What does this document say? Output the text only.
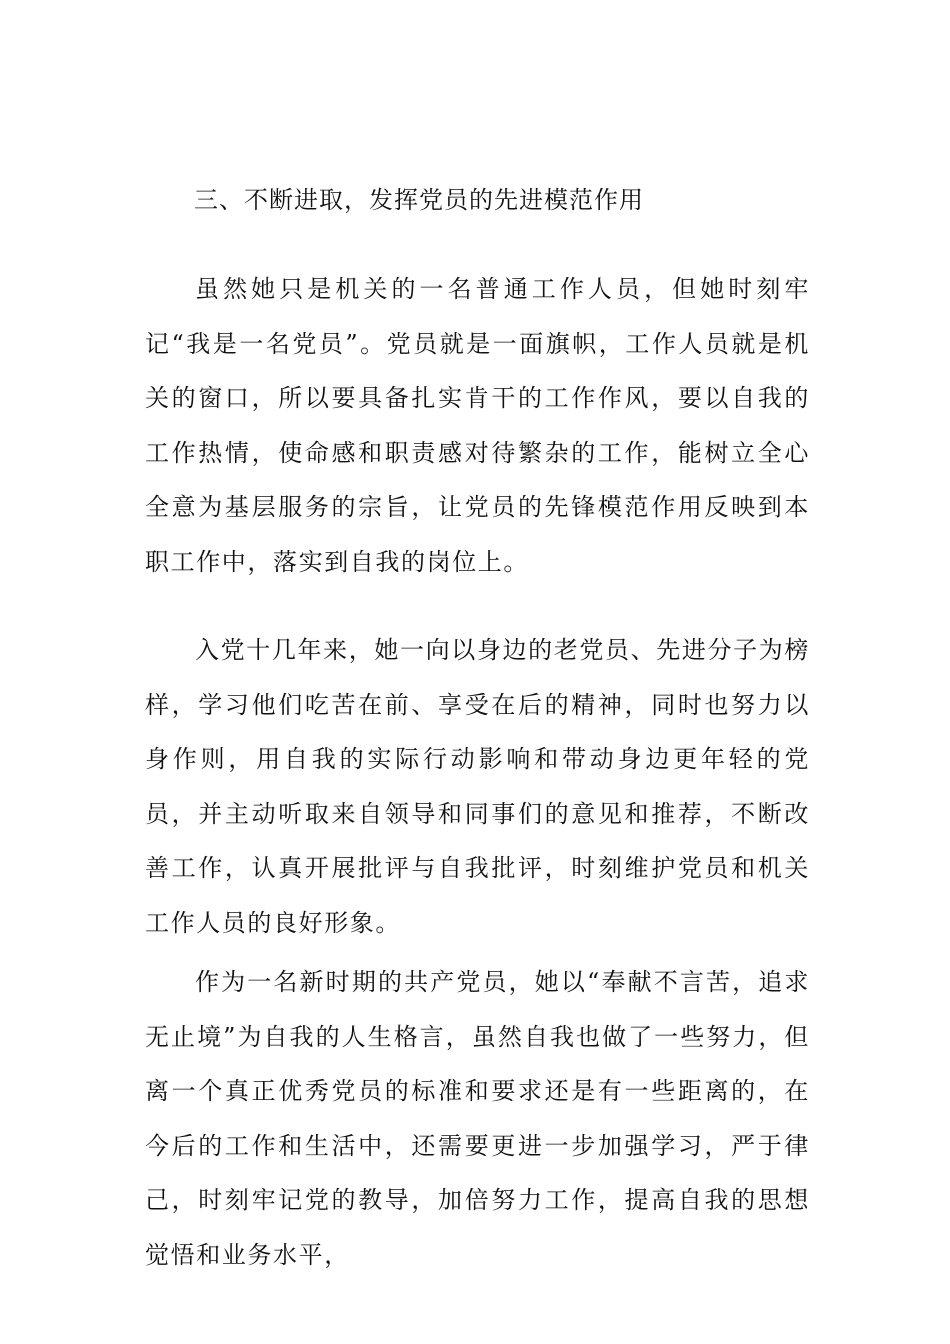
三、不断进取，发挥党员的先进模范作用

虽然她只是机关的一名普通工作人员，但她时刻牢记“我是一名党员”。党员就是一面旗帜，工作人员就是机关的窗口，所以要具备扎实肯干的工作作风，要以自我的工作热情，使命感和职责感对待繁杂的工作，能树立全心全意为基层服务的宗旨，让党员的先锋模范作用反映到本职工作中，落实到自我的岗位上。

入党十几年来，她一向以身边的老党员、先进分子为榜样，学习他们吃苦在前、享受在后的精神，同时也努力以身作则，用自我的实际行动影响和带动身边更年轻的党员，并主动听取来自领导和同事们的意见和推荐，不断改善工作，认真开展批评与自我批评，时刻维护党员和机关工作人员的良好形象。

作为一名新时期的共产党员，她以“奉献不言苦，追求无止境”为自我的人生格言，虽然自我也做了一些努力，但离一个真正优秀党员的标准和要求还是有一些距离的，在今后的工作和生活中，还需要更进一步加强学习，严于律己，时刻牢记党的教导，加倍努力工作，提高自我的思想觉悟和业务水平，
